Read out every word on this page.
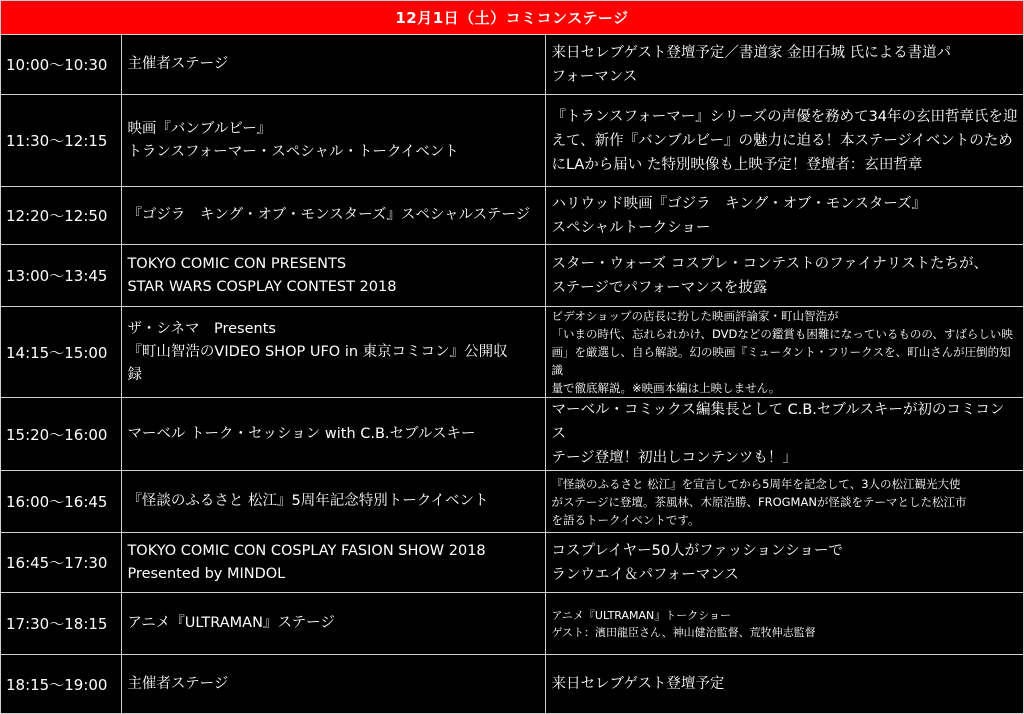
12月1日（土）コミコンステージ		
10:00〜10:30	主催者ステージ	来日セレブゲスト登壇予定／書道家 金田石城 氏による書道パ
フォーマンス

11:30〜12:15	映画『バンブルビー』
トランスフォーマー・スペシャル・トークイベント	『トランスフォーマー』シリーズの声優を務めて34年の玄田哲章氏を迎
えて、新作『バンブルビー』の魅力に迫る！本ステージイベントのため
にLAから届い た特別映像も上映予定！登壇者：玄田哲章

12:20〜12:50	『ゴジラ　キング・オブ・モンスターズ』スペシャルステージ	ハリウッド映画『ゴジラ　キング・オブ・モンスターズ』
スペシャルトークショー

13:00〜13:45	TOKYO COMIC CON PRESENTS
STAR WARS COSPLAY CONTEST 2018	スター・ウォーズ コスプレ・コンテストのファイナリストたちが、
ステージでパフォーマンスを披露

14:15〜15:00	ザ・シネマ　Presents
『町山智浩のVIDEO SHOP UFO in 東京コミコン』公開収
録	ビデオショップの店長に扮した映画評論家・町山智浩が
「いまの時代、忘れられかけ、DVDなどの鑑賞も困難になっているものの、すばらしい映
画」を厳選し、自ら解説。幻の映画『ミュータント・フリークスを、町山さんが圧倒的知識
量で徹底解説。※映画本編は上映しません。

15:20〜16:00	マーベル トーク・セッション with C.B.セブルスキー	マーベル・コミックス編集長として C.B.セブルスキーが初のコミコンス
テージ登壇！初出しコンテンツも！」

16:00〜16:45	『怪談のふるさと 松江』5周年記念特別トークイベント	『怪談のふるさと 松江』を宣言してから5周年を記念して、3人の松江観光大使
がステージに登壇。茶風林、木原浩勝、FROGMANが怪談をテーマとした松江市
を語るトークイベントです。

16:45〜17:30	TOKYO COMIC CON COSPLAY FASION SHOW 2018
Presented by MINDOL	コスプレイヤー50人がファッションショーで
ランウエイ＆パフォーマンス

17:30〜18:15	アニメ『ULTRAMAN』ステージ	アニメ『ULTRAMAN』トークショー
ゲスト：濱田龍臣さん、神山健治監督、荒牧伸志監督

18:15〜19:00	主催者ステージ	来日セレブゲスト登壇予定
